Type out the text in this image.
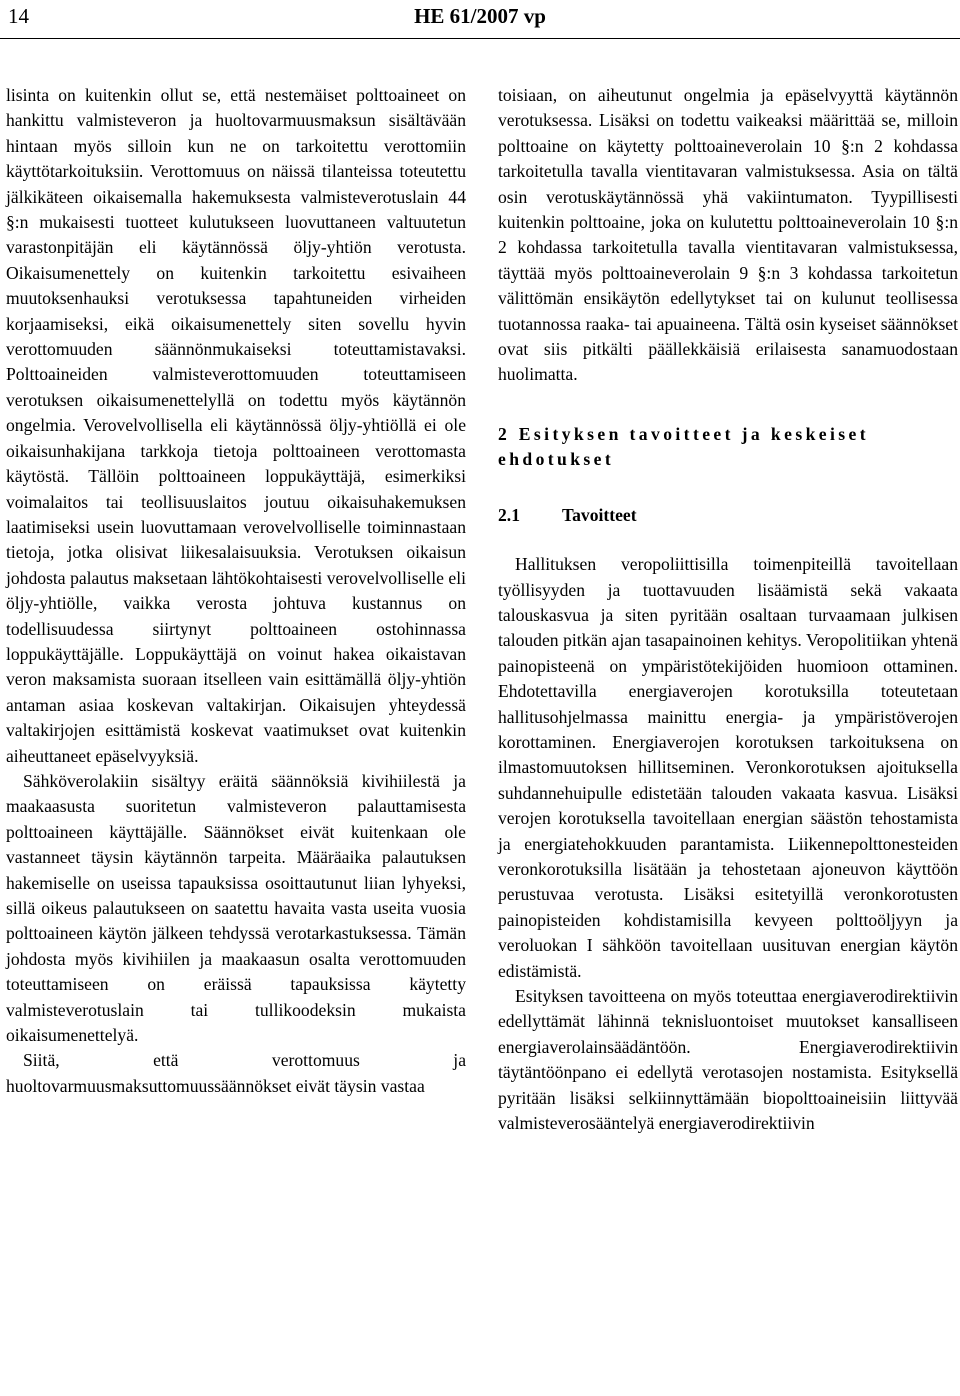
14	HE 61/2007 vp

lisinta on kuitenkin ollut se, että nestemäiset polttoaineet on hankittu valmisteveron ja huoltovarmuusmaksun sisältävään hintaan myös silloin kun ne on tarkoitettu verottomiin käyttötarkoituksiin. Verottomuus on näissä tilanteissa toteutettu jälkikäteen oikaisemalla hakemuksesta valmisteverotuslain 44 §:n mukaisesti tuotteet kulutukseen luovuttaneen valtuutetun varastonpitäjän eli käytännössä öljy-yhtiön verotusta. Oikaisumenettely on kuitenkin tarkoitettu esivaiheen muutoksenhauksi verotuksessa tapahtuneiden virheiden korjaamiseksi, eikä oikaisumenettely siten sovellu hyvin verottomuuden säännönmukaiseksi toteuttamistavaksi. Polttoaineiden valmisteverottomuuden toteuttamiseen verotuksen oikaisumenettelyllä on todettu myös käytännön ongelmia. Verovelvollisella eli käytännössä öljy-yhtiöllä ei ole oikaisunhakijana tarkkoja tietoja polttoaineen verottomasta käytöstä. Tällöin polttoaineen loppukäyttäjä, esimerkiksi voimalaitos tai teollisuuslaitos joutuu oikaisuhakemuksen laatimiseksi usein luovuttamaan verovelvolliselle toiminnastaan tietoja, jotka olisivat liikesalaisuuksia. Verotuksen oikaisun johdosta palautus maksetaan lähtökohtaisesti verovelvolliselle eli öljy-yhtiölle, vaikka verosta johtuva kustannus on todellisuudessa siirtynyt polttoaineen ostohinnassa loppukäyttäjälle. Loppukäyttäjä on voinut hakea oikaistavan veron maksamista suoraan itselleen vain esittämällä öljy-yhtiön antaman asiaa koskevan valtakirjan. Oikaisujen yhteydessä valtakirjojen esittämistä koskevat vaatimukset ovat kuitenkin aiheuttaneet epäselvyyksiä.

Sähköverolakiin sisältyy eräitä säännöksiä kivihiilestä ja maakaasusta suoritetun valmisteveron palauttamisesta polttoaineen käyttäjälle. Säännökset eivät kuitenkaan ole vastanneet täysin käytännön tarpeita. Määräaika palautuksen hakemiselle on useissa tapauksissa osoittautunut liian lyhyeksi, sillä oikeus palautukseen on saatettu havaita vasta useita vuosia polttoaineen käytön jälkeen tehdyssä verotarkastuksessa. Tämän johdosta myös kivihiilen ja maakaasun osalta verottomuuden toteuttamiseen on eräissä tapauksissa käytetty valmisteverotuslain tai tullikoodeksin mukaista oikaisumenettelyä.

Siitä, että verottomuus ja huoltovarmuusmaksuttomuussäännökset eivät täysin vastaa

toisiaan, on aiheutunut ongelmia ja epäselvyyttä käytännön verotuksessa. Lisäksi on todettu vaikeaksi määrittää se, milloin polttoaine on käytetty polttoaineverolain 10 §:n 2 kohdassa tarkoitetulla tavalla vientitavaran valmistuksessa. Asia on tältä osin verotuskäytännössä yhä vakiintumaton. Tyypillisesti kuitenkin polttoaine, joka on kulutettu polttoaineverolain 10 §:n 2 kohdassa tarkoitetulla tavalla vientitavaran valmistuksessa, täyttää myös polttoaineverolain 9 §:n 3 kohdassa tarkoitetun välittömän ensikäytön edellytykset tai on kulunut teollisessa tuotannossa raaka- tai apuaineena. Tältä osin kyseiset säännökset ovat siis pitkälti päällekkäisiä erilaisesta sanamuodostaan huolimatta.

2 Esityksen tavoitteet ja keskeiset ehdotukset
2.1 Tavoitteet

Hallituksen veropoliittisilla toimenpiteillä tavoitellaan työllisyyden ja tuottavuuden lisäämistä sekä vakaata talouskasvua ja siten pyritään osaltaan turvaamaan julkisen talouden pitkän ajan tasapainoinen kehitys. Veropolitiikan yhtenä painopisteenä on ympäristötekijöiden huomioon ottaminen. Ehdotettavilla energiaverojen korotuksilla toteutetaan hallitusohjelmassa mainittu energia- ja ympäristöverojen korottaminen. Energiaverojen korotuksen tarkoituksena on ilmastomuutoksen hillitseminen. Veronkorotuksen ajoituksella suhdannehuipulle edistetään talouden vakaata kasvua. Lisäksi verojen korotuksella tavoitellaan energian säästön tehostamista ja energiatehokkuuden parantamista. Liikennepolttonesteiden veronkorotuksilla lisätään ja tehostetaan ajoneuvon käyttöön perustuvaa verotusta. Lisäksi esitetyillä veronkorotusten painopisteiden kohdistamisilla kevyeen polttoöljyyn ja veroluokan I sähköön tavoitellaan uusituvan energian käytön edistämistä.

Esityksen tavoitteena on myös toteuttaa energiaverodirektiivin edellyttämät lähinnä teknisluontoiset muutokset kansalliseen energiaverolainsäädäntöön. Energiaverodirektiivin täytäntöönpano ei edellytä verotasojen nostamista. Esityksellä pyritään lisäksi selkiinnyttämään biopolttoaineisiin liittyvää valmisteverosääntelyä energiaverodirektiivin
